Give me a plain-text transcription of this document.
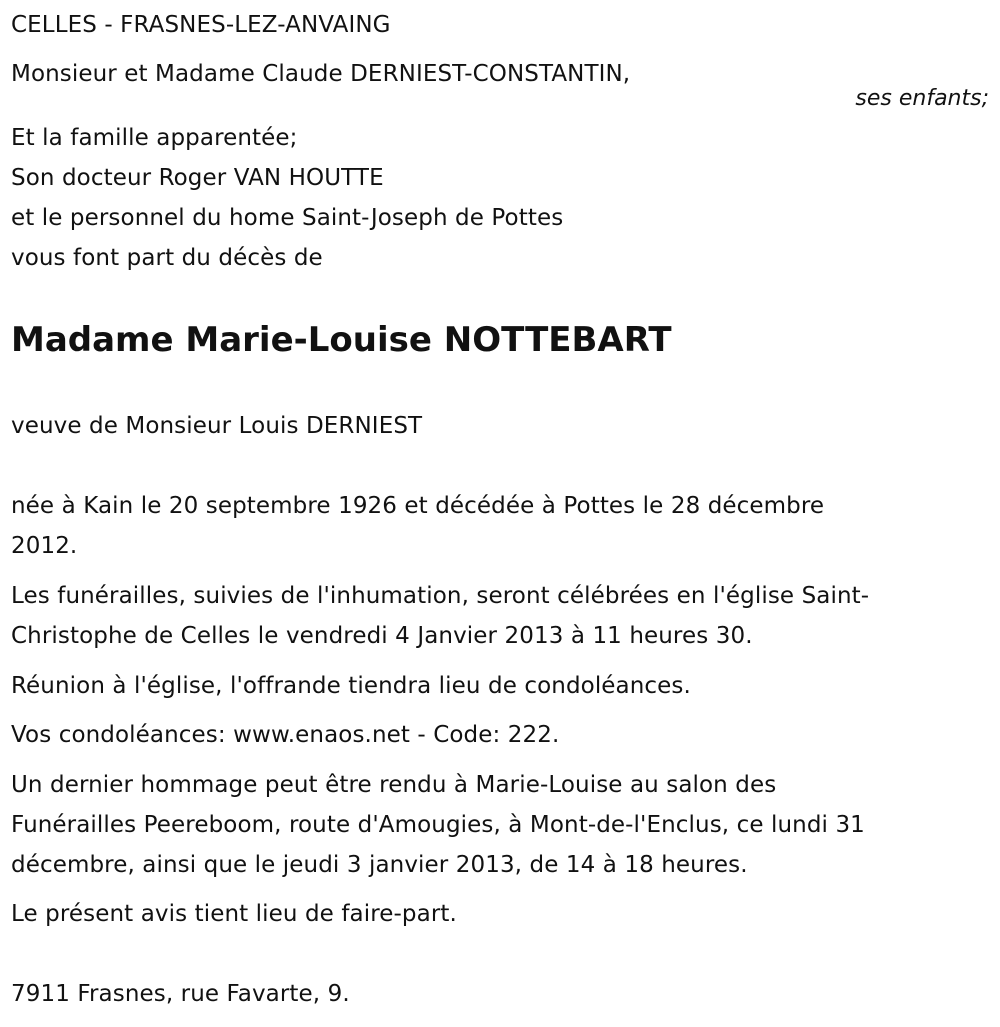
CELLES - FRASNES-LEZ-ANVAING
Monsieur et Madame Claude DERNIEST-CONSTANTIN,
ses enfants;
Et la famille apparentée;
Son docteur Roger VAN HOUTTE
et le personnel du home Saint-Joseph de Pottes
vous font part du décès de
Madame Marie-Louise NOTTEBART
veuve de Monsieur Louis DERNIEST
née à Kain le 20 septembre 1926 et décédée à Pottes le 28 décembre
2012.
Les funérailles, suivies de l'inhumation, seront célébrées en l'église Saint-
Christophe de Celles le vendredi 4 Janvier 2013 à 11 heures 30.
Réunion à l'église, l'offrande tiendra lieu de condoléances.
Vos condoléances: www.enaos.net - Code: 222.
Un dernier hommage peut être rendu à Marie-Louise au salon des
Funérailles Peereboom, route d'Amougies, à Mont-de-l'Enclus, ce lundi 31
décembre, ainsi que le jeudi 3 janvier 2013, de 14 à 18 heures.
Le présent avis tient lieu de faire-part.
7911 Frasnes, rue Favarte, 9.
